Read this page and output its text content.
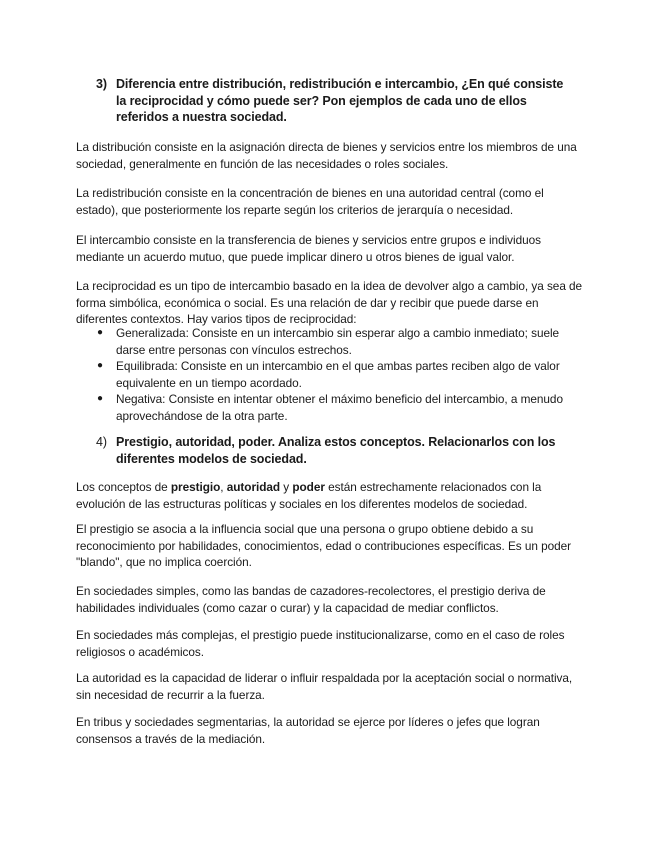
3) Diferencia entre distribución, redistribución e intercambio, ¿En qué consiste la reciprocidad y cómo puede ser? Pon ejemplos de cada uno de ellos referidos a nuestra sociedad.

La distribución consiste en la asignación directa de bienes y servicios entre los miembros de una sociedad, generalmente en función de las necesidades o roles sociales.

La redistribución consiste en la concentración de bienes en una autoridad central (como el estado), que posteriormente los reparte según los criterios de jerarquía o necesidad.

El intercambio consiste en la transferencia de bienes y servicios entre grupos e individuos mediante un acuerdo mutuo, que puede implicar dinero u otros bienes de igual valor.

La reciprocidad es un tipo de intercambio basado en la idea de devolver algo a cambio, ya sea de forma simbólica, económica o social. Es una relación de dar y recibir que puede darse en diferentes contextos. Hay varios tipos de reciprocidad:

● Generalizada: Consiste en un intercambio sin esperar algo a cambio inmediato; suele darse entre personas con vínculos estrechos.
● Equilibrada: Consiste en un intercambio en el que ambas partes reciben algo de valor equivalente en un tiempo acordado.
● Negativa: Consiste en intentar obtener el máximo beneficio del intercambio, a menudo aprovechándose de la otra parte.
4) Prestigio, autoridad, poder. Analiza estos conceptos. Relacionarlos con los diferentes modelos de sociedad.

Los conceptos de prestigio, autoridad y poder están estrechamente relacionados con la evolución de las estructuras políticas y sociales en los diferentes modelos de sociedad.

El prestigio se asocia a la influencia social que una persona o grupo obtiene debido a su reconocimiento por habilidades, conocimientos, edad o contribuciones específicas. Es un poder "blando", que no implica coerción.

En sociedades simples, como las bandas de cazadores-recolectores, el prestigio deriva de habilidades individuales (como cazar o curar) y la capacidad de mediar conflictos.

En sociedades más complejas, el prestigio puede institucionalizarse, como en el caso de roles religiosos o académicos.

La autoridad es la capacidad de liderar o influir respaldada por la aceptación social o normativa, sin necesidad de recurrir a la fuerza.

En tribus y sociedades segmentarias, la autoridad se ejerce por líderes o jefes que logran consensos a través de la mediación.
